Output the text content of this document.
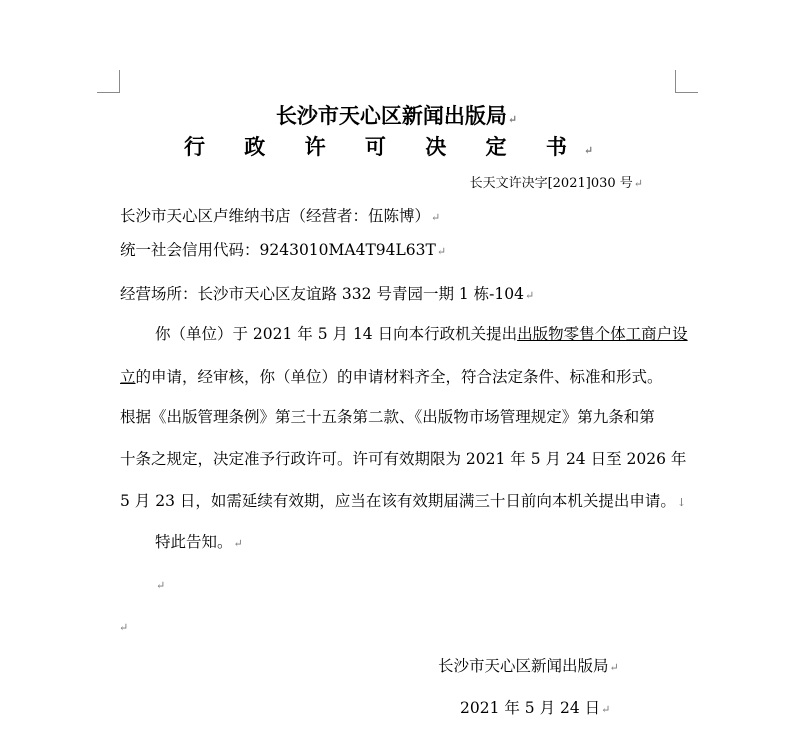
长沙市天心区新闻出版局↵
行 政 许 可 决 定 书↵
长天文许决字[2021]030 号↵
长沙市天心区卢维纳书店（经营者：伍陈博）↵
统一社会信用代码：9243010MA4T94L63T↵
经营场所：长沙市天心区友谊路 332 号青园一期 1 栋-104↵
你（单位）于 2021 年 5 月 14 日向本行政机关提出出版物零售个体工商户设
立的申请，经审核，你（单位）的申请材料齐全，符合法定条件、标准和形式。
根据《出版管理条例》第三十五条第二款、《出版物市场管理规定》第九条和第
十条之规定，决定准予行政许可。许可有效期限为 2021 年 5 月 24 日至 2026 年
5 月 23 日，如需延续有效期，应当在该有效期届满三十日前向本机关提出申请。↓
特此告知。↵
↵
↵
长沙市天心区新闻出版局↵
2021 年 5 月 24 日↵
